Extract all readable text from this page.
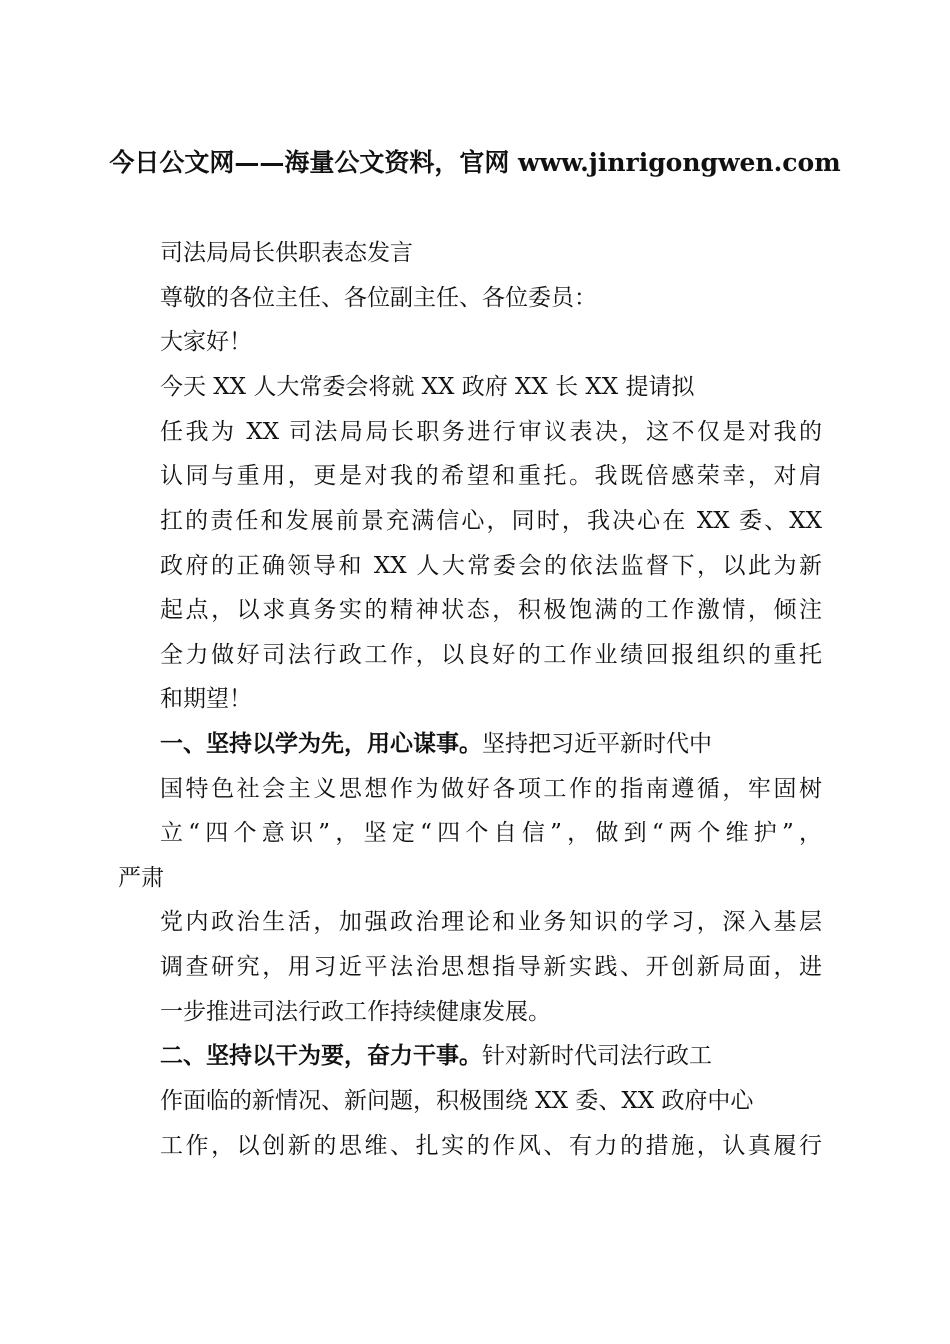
今日公文网——海量公文资料，官网 www.jinrigongwen.com
司法局局长供职表态发言
尊敬的各位主任、各位副主任、各位委员：
大家好！
今天 XX 人大常委会将就 XX 政府 XX 长 XX 提请拟
任我为 XX 司法局局长职务进行审议表决，这不仅是对我的
认同与重用，更是对我的希望和重托。我既倍感荣幸，对肩
扛的责任和发展前景充满信心，同时，我决心在 XX 委、XX
政府的正确领导和 XX 人大常委会的依法监督下，以此为新
起点，以求真务实的精神状态，积极饱满的工作激情，倾注
全力做好司法行政工作，以良好的工作业绩回报组织的重托
和期望！
一、坚持以学为先，用心谋事。坚持把习近平新时代中
国特色社会主义思想作为做好各项工作的指南遵循，牢固树
立“四个意识”，坚定“四个自信”，做到“两个维护”，
严肃
党内政治生活，加强政治理论和业务知识的学习，深入基层
调查研究，用习近平法治思想指导新实践、开创新局面，进
一步推进司法行政工作持续健康发展。
二、坚持以干为要，奋力干事。针对新时代司法行政工
作面临的新情况、新问题，积极围绕 XX 委、XX 政府中心
工作，以创新的思维、扎实的作风、有力的措施，认真履行
